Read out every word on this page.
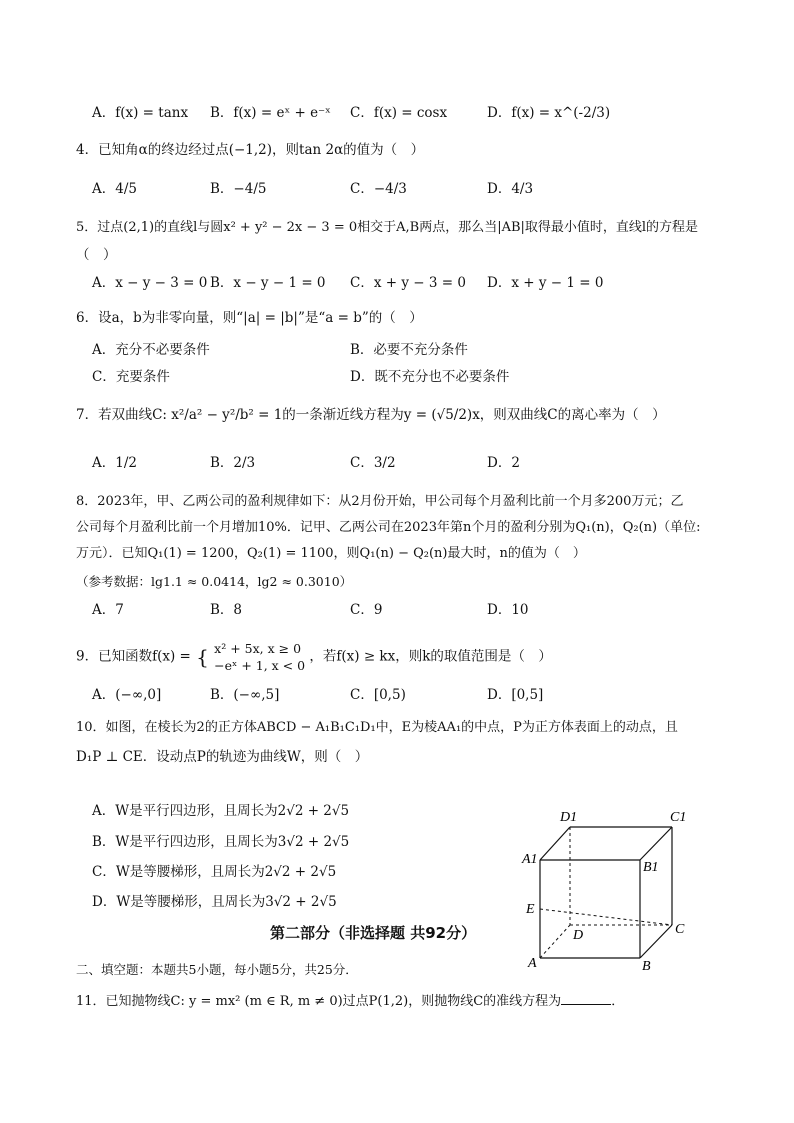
A．f(x) = tanx B．f(x) = eˣ + e⁻ˣ C．f(x) = cosx	D．f(x) = x^(-2/3)
4．已知角α的终边经过点(−1,2)，则tan 2α的值为（　）
A．4/5	B．−4/5	C．−4/3	D．4/3
5．过点(2,1)的直线l与圆x² + y² − 2x − 3 = 0相交于A,B两点，那么当|AB|取得最小值时，直线l的方程是
（　）
A．x − y − 3 = 0 B．x − y − 1 = 0 C．x + y − 3 = 0 D．x + y − 1 = 0
6．设a，b为非零向量，则“|a| = |b|”是“a = b”的（　）
A．充分不必要条件	B．必要不充分条件
C．充要条件	D．既不充分也不必要条件
7．若双曲线C: x²/a² − y²/b² = 1的一条渐近线方程为y = (√5/2)x，则双曲线C的离心率为（　）
A．1/2	B．2/3	C．3/2	D．2
8．2023年，甲、乙两公司的盈利规律如下：从2月份开始，甲公司每个月盈利比前一个月多200万元；乙
公司每个月盈利比前一个月增加10%．记甲、乙两公司在2023年第n个月的盈利分别为Q₁(n)，Q₂(n)（单位:
万元）．已知Q₁(1) = 1200，Q₂(1) = 1100，则Q₁(n) − Q₂(n)最大时，n的值为（　）
（参考数据：lg1.1 ≈ 0.0414，lg2 ≈ 0.3010）
A．7	B．8	C．9	D．10
9．已知函数f(x) = { x² + 5x, x ≥ 0
−eˣ + 1, x < 0
，若f(x) ≥ kx，则k的取值范围是（　）
A．(−∞,0]	B．(−∞,5]	C．[0,5)	D．[0,5]
10．如图，在棱长为2的正方体ABCD − A₁B₁C₁D₁中，E为棱AA₁的中点，P为正方体表面上的动点，且
D₁P ⊥ CE．设动点P的轨迹为曲线W，则（　）
A．W是平行四边形，且周长为2√2 + 2√5
B．W是平行四边形，且周长为3√2 + 2√5
C．W是等腰梯形，且周长为2√2 + 2√5
D．W是等腰梯形，且周长为3√2 + 2√5
D1	C1
A1
B1
E
D	C
A	B
第二部分（非选择题 共92分）
二、填空题：本题共5小题，每小题5分，共25分．
11．已知抛物线C: y = mx² (m ∈ R, m ≠ 0)过点P(1,2)，则抛物线C的准线方程为	．
